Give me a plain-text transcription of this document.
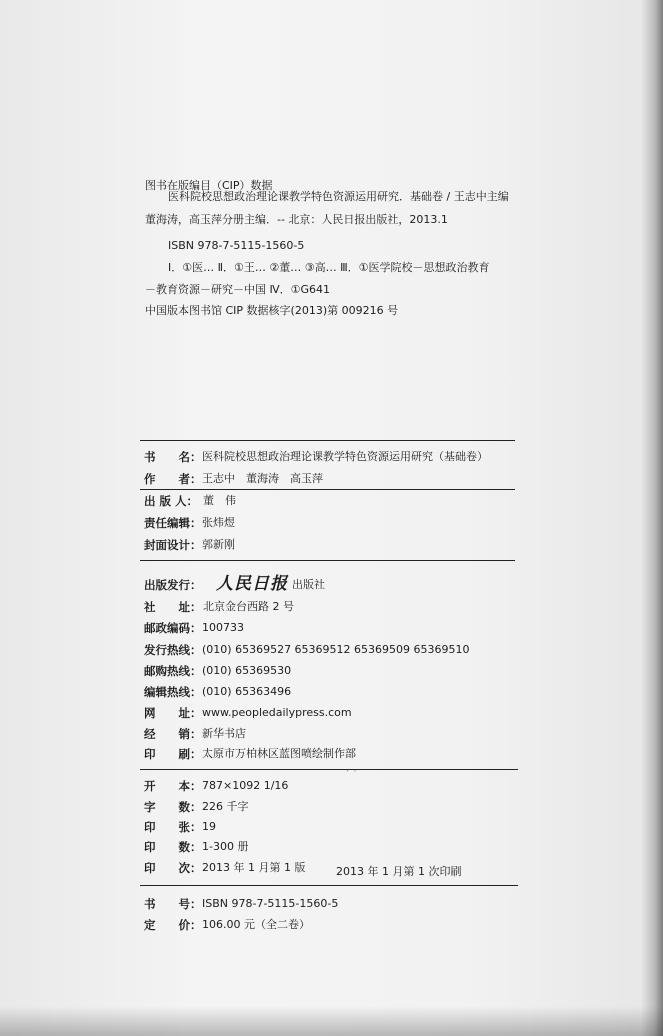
图书在版编目（CIP）数据
医科院校思想政治理论课教学特色资源运用研究．基础卷 / 王志中主编
董海涛，高玉萍分册主编．-- 北京：人民日报出版社，2013.1
ISBN 978-7-5115-1560-5
Ⅰ．①医… Ⅱ．①王… ②董… ③高… Ⅲ．①医学院校－思想政治教育
－教育资源－研究－中国 Ⅳ．①G641
中国版本图书馆 CIP 数据核字(2013)第 009216 号
书　　名： 医科院校思想政治理论课教学特色资源运用研究（基础卷）
作　　者： 王志中　董海涛　高玉萍
出 版 人： 董　伟
责任编辑： 张炜煜
封面设计： 郭新刚
出版发行： 人民日报 出版社
社　　址： 北京金台西路 2 号
邮政编码： 100733
发行热线： (010) 65369527 65369512 65369509 65369510
邮购热线： (010) 65369530
编辑热线： (010) 65363496
网　　址： www.peopledailypress.com
经　　销： 新华书店
印　　刷： 太原市万柏林区蓝图喷绘制作部
ˊ ˊ
开　　本： 787×1092 1/16
字　　数： 226 千字
印　　张： 19
印　　数： 1-300 册
印　　次： 2013 年 1 月第 1 版	2013 年 1 月第 1 次印刷
书　　号： ISBN 978-7-5115-1560-5
定　　价： 106.00 元（全二卷）
